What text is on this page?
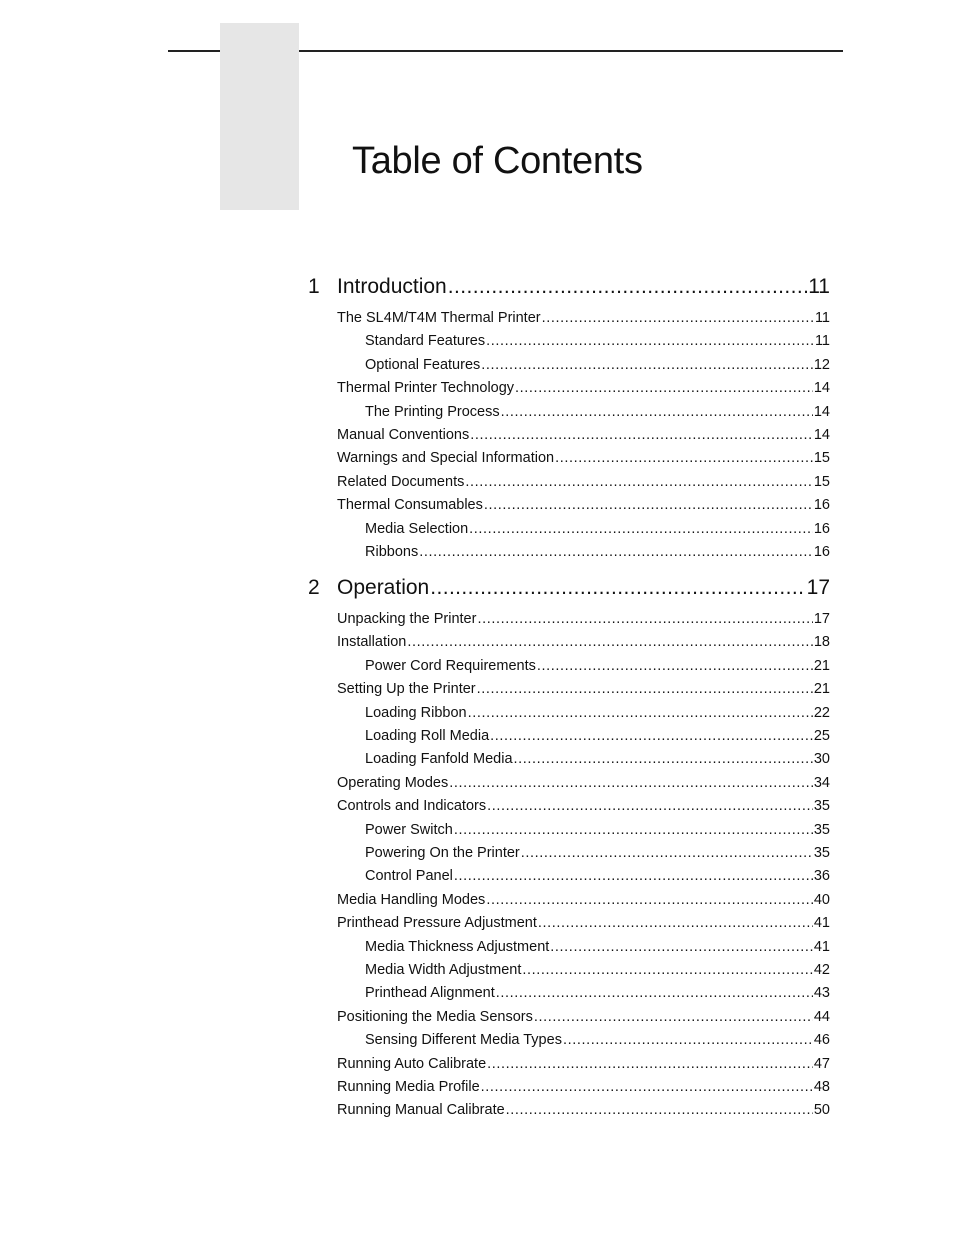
Table of Contents
1 Introduction .....	11
The SL4M/T4M Thermal Printer .....	11
Standard Features .....	11
Optional Features .....	12
Thermal Printer Technology .....	14
The Printing Process .....	14
Manual Conventions .....	14
Warnings and Special Information .....	15
Related Documents .....	15
Thermal Consumables .....	16
Media Selection .....	16
Ribbons .....	16
2 Operation .....	17
Unpacking the Printer .....	17
Installation .....	18
Power Cord Requirements .....	21
Setting Up the Printer .....	21
Loading Ribbon .....	22
Loading Roll Media .....	25
Loading Fanfold Media .....	30
Operating Modes .....	34
Controls and Indicators .....	35
Power Switch .....	35
Powering On the Printer .....	35
Control Panel .....	36
Media Handling Modes .....	40
Printhead Pressure Adjustment .....	41
Media Thickness Adjustment .....	41
Media Width Adjustment .....	42
Printhead Alignment .....	43
Positioning the Media Sensors .....	44
Sensing Different Media Types .....	46
Running Auto Calibrate .....	47
Running Media Profile .....	48
Running Manual Calibrate .....	50
